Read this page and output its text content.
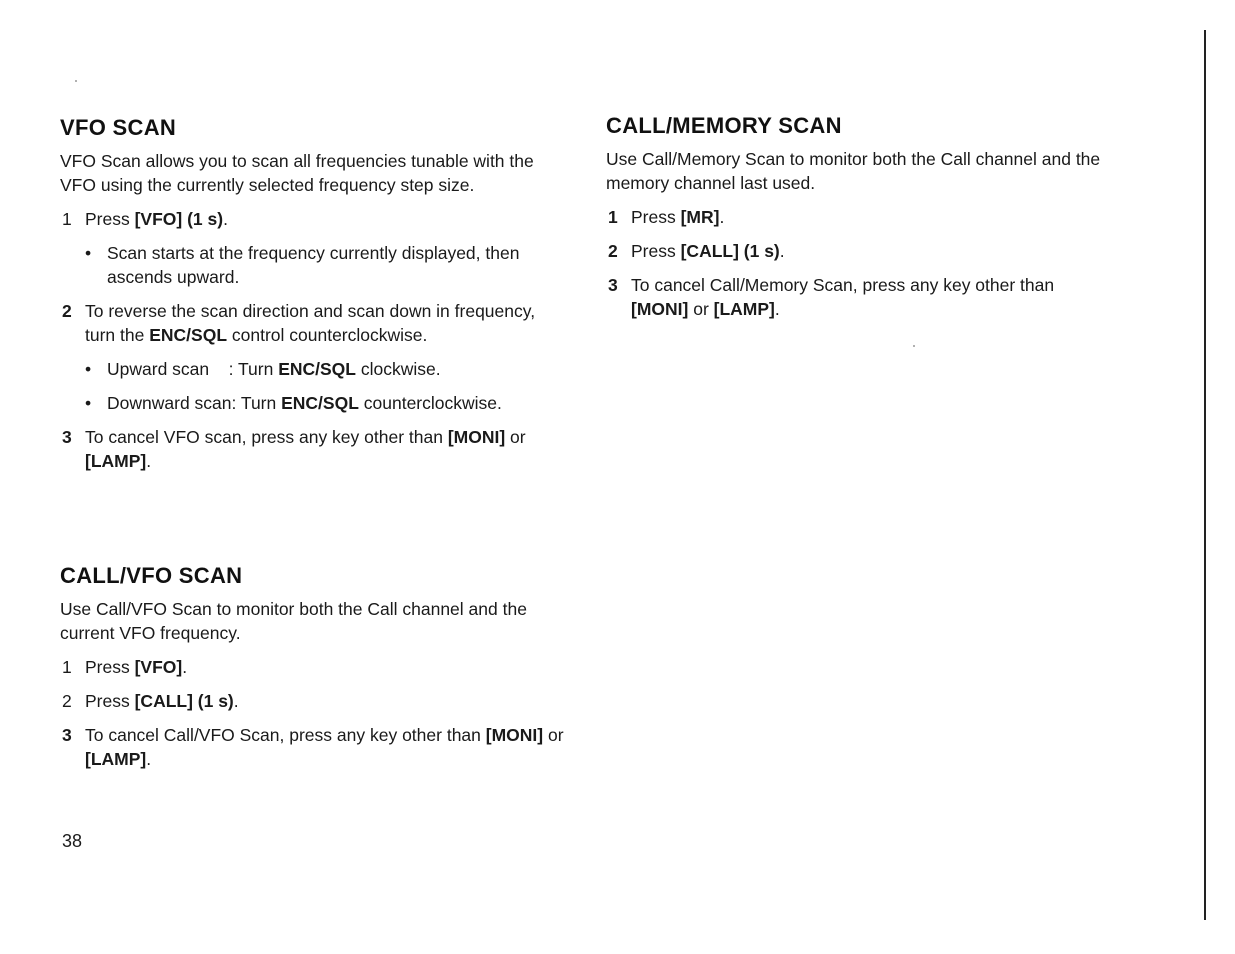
VFO SCAN

VFO Scan allows you to scan all frequencies tunable with the VFO using the currently selected frequency step size.

1 Press [VFO] (1 s).
• Scan starts at the frequency currently displayed, then ascends upward.
2 To reverse the scan direction and scan down in frequency, turn the ENC/SQL control counterclockwise.
• Upward scan    : Turn ENC/SQL clockwise.
• Downward scan: Turn ENC/SQL counterclockwise.
3 To cancel VFO scan, press any key other than [MONI] or [LAMP].
CALL/VFO SCAN

Use Call/VFO Scan to monitor both the Call channel and the current VFO frequency.

1 Press [VFO].
2 Press [CALL] (1 s).
3 To cancel Call/VFO Scan, press any key other than [MONI] or [LAMP].
CALL/MEMORY SCAN

Use Call/Memory Scan to monitor both the Call channel and the memory channel last used.

1 Press [MR].
2 Press [CALL] (1 s).
3 To cancel Call/Memory Scan, press any key other than [MONI] or [LAMP].
38
